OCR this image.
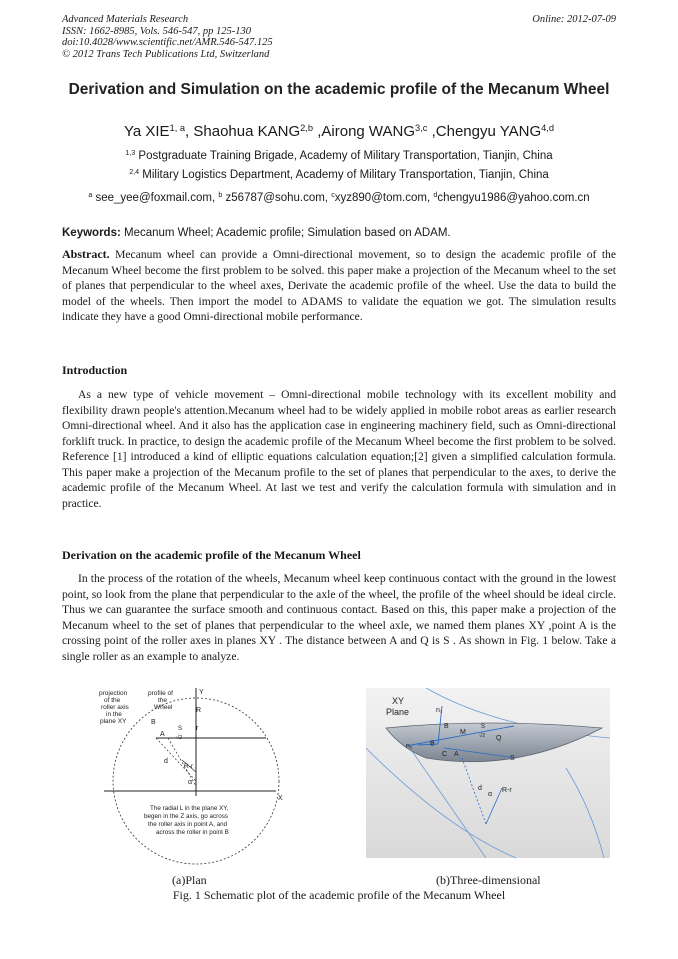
Advanced Materials Research
ISSN: 1662-8985, Vols. 546-547, pp 125-130
doi:10.4028/www.scientific.net/AMR.546-547.125
© 2012 Trans Tech Publications Ltd, Switzerland
Online: 2012-07-09
Derivation and Simulation on the academic profile of the Mecanum Wheel
Ya XIE$^{1, a}$, Shaohua KANG$^{2,b}$ ,Airong WANG$^{3,c}$ ,Chengyu YANG$^{4,d}$
$^{1,3}$ Postgraduate Training Brigade, Academy of Military Transportation, Tianjin, China
$^{2,4}$ Military Logistics Department, Academy of Military Transportation, Tianjin, China
$^a$ see_yee@foxmail.com, $^b$ z56787@sohu.com, $^c$xyz890@tom.com, $^d$chengyu1986@yahoo.com.cn
Keywords: Mecanum Wheel; Academic profile; Simulation based on ADAM.
Abstract. Mecanum wheel can provide a Omni-directional movement, so to design the academic profile of the Mecanum Wheel become the first problem to be solved. this paper make a projection of the Mecanum wheel to the set of planes that perpendicular to the wheel axes, Derivate the academic profile of the wheel. Use the data to build the model of the wheels. Then import the model to ADAMS to validate the equation we got. The simulation results indicate they have a good Omni-directional mobile performance.
Introduction
As a new type of vehicle movement – Omni-directional mobile technology with its excellent mobility and flexibility drawn people's attention.Mecanum wheel had to be widely applied in mobile robot areas as earlier research Omni-directional wheel. And it also has the application case in engineering machinery field, such as Omni-directional forklift truck. In practice, to design the academic profile of the Mecanum Wheel become the first problem to be solved. Reference [1] introduced a kind of elliptic equations calculation equation;[2] given a simplified calculation formula. This paper make a projection of the Mecanum profile to the set of planes that perpendicular to the axes, to derive the academic profile of the Mecanum Wheel. At last we test and verify the calculation formula with simulation and in practice.
Derivation on the academic profile of the Mecanum Wheel
In the process of the rotation of the wheels, Mecanum wheel keep continuous contact with the ground in the lowest point, so look from the plane that perpendicular to the axle of the wheel, the profile of the wheel should be ideal circle. Thus we can guarantee the surface smooth and continuous contact. Based on this, this paper make a projection of the Mecanum wheel to the set of planes that perpendicular to the wheel axle, we named them planes XY ,point A is the crossing point of the roller axes in planes XY . The distance between A and Q is S . As shown in Fig. 1 below. Take a single roller as an example to analyze.
projection of the roller axis in the plane XY
profile of the Wheel
Y
X
R
r
B
A
S
√2
d
R-r
α
The radial L in the plane XY, begen in the Z axis, go across the roller axis in point A, and across the roller in point B
XY Plane	n₁
n₂
B
M
θ
S
√2 Q
C A
S
d	R-r
α
(a)Plan	(b)Three-dimensional
Fig. 1 Schematic plot of the academic profile of the Mecanum Wheel
